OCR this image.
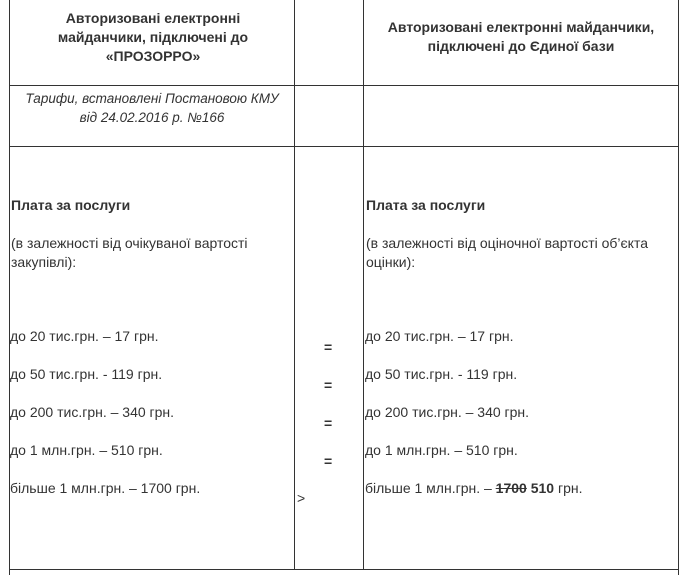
Авторизовані електронні майданчики, підключені до «ПРОЗОРРО»
Авторизовані електронні майданчики, підключені до Єдиної бази
Тарифи, встановлені Постановою КМУ від 24.02.2016 р. №166
Плата за послуги
(в залежності від очікуваної вартості закупівлі):
до 20 тис.грн. – 17 грн.
до 50 тис.грн. - 119 грн.
до 200 тис.грн. – 340 грн.
до 1 млн.грн. – 510 грн.
більше 1 млн.грн. – 1700 грн.
=
=
=
=
>
Плата за послуги
(в залежності від оціночної вартості об’єкта оцінки):
до 20 тис.грн. – 17 грн.
до 50 тис.грн. - 119 грн.
до 200 тис.грн. – 340 грн.
до 1 млн.грн. – 510 грн.
більше 1 млн.грн. – 1700 510 грн.
